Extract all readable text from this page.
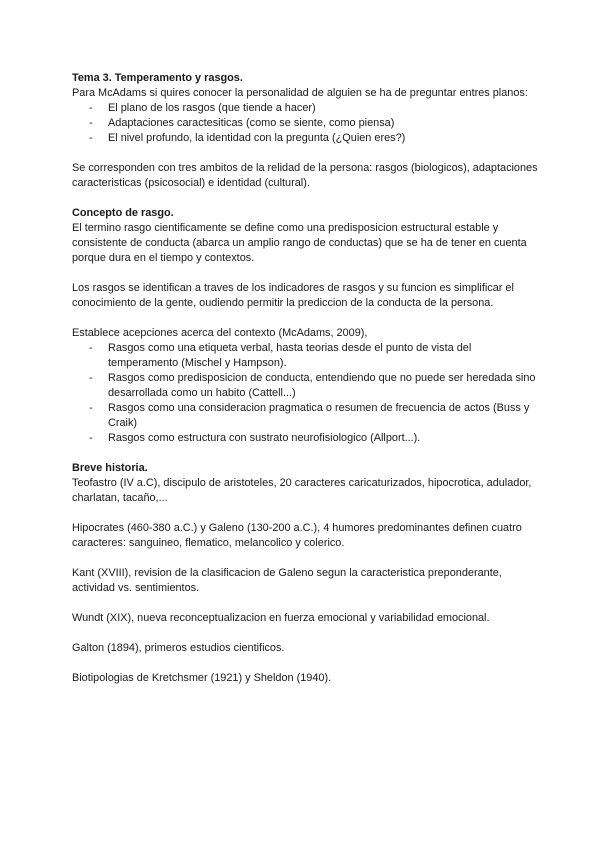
Tema 3. Temperamento y rasgos.

Para McAdams si quires conocer la personalidad de alguien se ha de preguntar entres planos:

- El plano de los rasgos (que tiende a hacer)
- Adaptaciones caractesiticas (como se siente, como piensa)
- El nivel profundo, la identidad con la pregunta (¿Quien eres?)

Se corresponden con tres ambitos de la relidad de la persona: rasgos (biologicos), adaptaciones caracteristicas (psicosocial) e identidad (cultural).

Concepto de rasgo.

El termino rasgo cientificamente se define como una predisposicion estructural estable y consistente de conducta (abarca un amplio rango de conductas) que se ha de tener en cuenta porque dura en el tiempo y contextos.

Los rasgos se identifican a traves de los indicadores de rasgos y su funcion es simplificar el conocimiento de la gente, oudiendo permitir la prediccion de la conducta de la persona.

Establece acepciones acerca del contexto (McAdams, 2009),

- Rasgos como una etiqueta verbal, hasta teorias desde el punto de vista del temperamento (Mischel y Hampson).
- Rasgos como predisposicion de conducta, entendiendo que no puede ser heredada sino desarrollada como un habito (Cattell...)
- Rasgos como una consideracion pragmatica o resumen de frecuencia de actos (Buss y Craik)
- Rasgos como estructura con sustrato neurofisiologico (Allport...).

Breve historia.

Teofastro (IV a.C), discipulo de aristoteles, 20 caracteres caricaturizados, hipocrotica, adulador, charlatan, tacaño,...

Hipocrates (460-380 a.C.) y Galeno (130-200 a.C.), 4 humores predominantes definen cuatro caracteres: sanguineo, flematico, melancolico y colerico.

Kant (XVIII), revision de la clasificacion de Galeno segun la caracteristica preponderante, actividad vs. sentimientos.

Wundt (XIX), nueva reconceptualizacion en fuerza emocional y variabilidad emocional.

Galton (1894), primeros estudios cientificos.

Biotipologias de Kretchsmer (1921) y Sheldon (1940).
